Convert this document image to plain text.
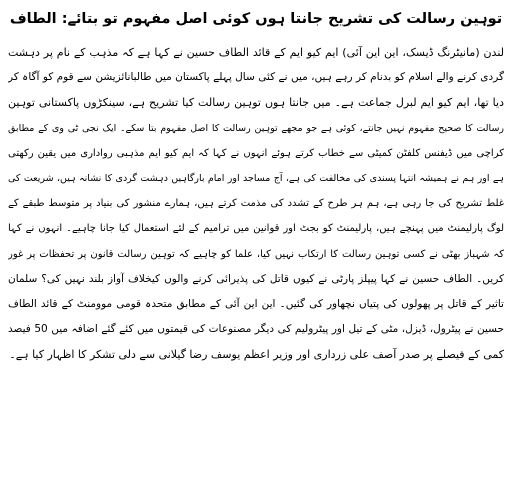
توہین رسالت کی تشریح جانتا ہوں کوئی اصل مفہوم تو بتائے: الطاف
لندن (مانیٹرنگ ڈیسک، این این آئی) ایم کیو ایم کے قائد الطاف حسین نے کہا ہے کہ مذہب کے نام پر دہشت
گردی کرنے والے اسلام کو بدنام کر رہے ہیں، میں نے کئی سال پہلے پاکستان میں طالبانائزیشن سے قوم کو آگاہ کر
دیا تھا، ایم کیو ایم لبرل جماعت ہے۔ میں جانتا ہوں توہین رسالت کیا تشریح ہے، سینکڑوں پاکستانی توہین
رسالت کا صحیح مفہوم نہیں جانتے، کوئی ہے جو مجھے توہین رسالت کا اصل مفہوم بتا سکے۔ ایک نجی ٹی وی کے مطابق
کراچی میں ڈیفنس کلفٹن کمیٹی سے خطاب کرتے ہوئے انہوں نے کہا کہ ایم کیو ایم مذہبی رواداری میں یقین رکھتی
ہے اور ہم نے ہمیشہ انتہا پسندی کی مخالفت کی ہے، آج مساجد اور امام بارگاہیں دہشت گردی کا نشانہ ہیں، شریعت کی
غلط تشریح کی جا رہی ہے، ہم ہر طرح کے تشدد کی مذمت کرتے ہیں، ہمارے منشور کی بنیاد پر متوسط طبقے کے
لوگ پارلیمنٹ میں پہنچے ہیں، پارلیمنٹ کو بجٹ اور قوانین میں ترامیم کے لئے استعمال کیا جانا چاہیے۔ انہوں نے کہا
کہ شہباز بھٹی نے کسی توہین رسالت کا ارتکاب نہیں کیا، علما کو چاہیے کہ توہین رسالت قانون پر تحفظات پر غور
کریں۔ الطاف حسین نے کہا پیپلز پارٹی نے کیوں قاتل کی پذیرائی کرنے والوں کیخلاف آواز بلند نہیں کی؟ سلمان
تاثیر کے قاتل پر پھولوں کی پتیاں نچھاور کی گئیں۔ این این آئی کے مطابق متحدہ قومی موومنٹ کے قائد الطاف
حسین نے پیٹرول، ڈیزل، مٹی کے تیل اور پیٹرولیم کی دیگر مصنوعات کی قیمتوں میں کئے گئے اضافہ میں 50 فیصد
کمی کے فیصلے پر صدر آصف علی زرداری اور وزیر اعظم یوسف رضا گیلانی سے دلی تشکر کا اظہار کیا ہے۔
